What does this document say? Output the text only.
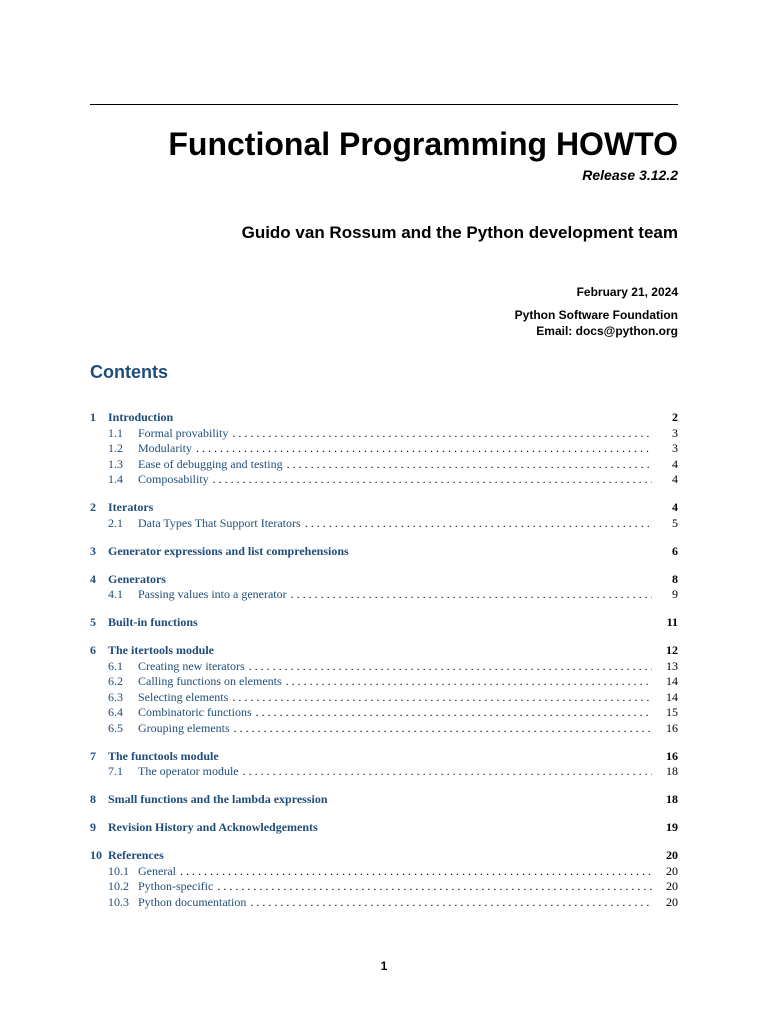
Functional Programming HOWTO
Release 3.12.2
Guido van Rossum and the Python development team
February 21, 2024
Python Software Foundation
Email: docs@python.org
Contents
1	Introduction	2
1.1	Formal provability . . .	3
1.2	Modularity . . .	3
1.3	Ease of debugging and testing . . .	4
1.4	Composability . . .	4
2	Iterators	4
2.1	Data Types That Support Iterators . . .	5
3	Generator expressions and list comprehensions	6
4	Generators	8
4.1	Passing values into a generator . . .	9
5	Built-in functions	11
6	The itertools module	12
6.1	Creating new iterators . . .	13
6.2	Calling functions on elements . . .	14
6.3	Selecting elements . . .	14
6.4	Combinatoric functions . . .	15
6.5	Grouping elements . . .	16
7	The functools module	16
7.1	The operator module . . .	18
8	Small functions and the lambda expression	18
9	Revision History and Acknowledgements	19
10 References	20
10.1 General . . .	20
10.2 Python-specific . . .	20
10.3 Python documentation . . .	20
1
